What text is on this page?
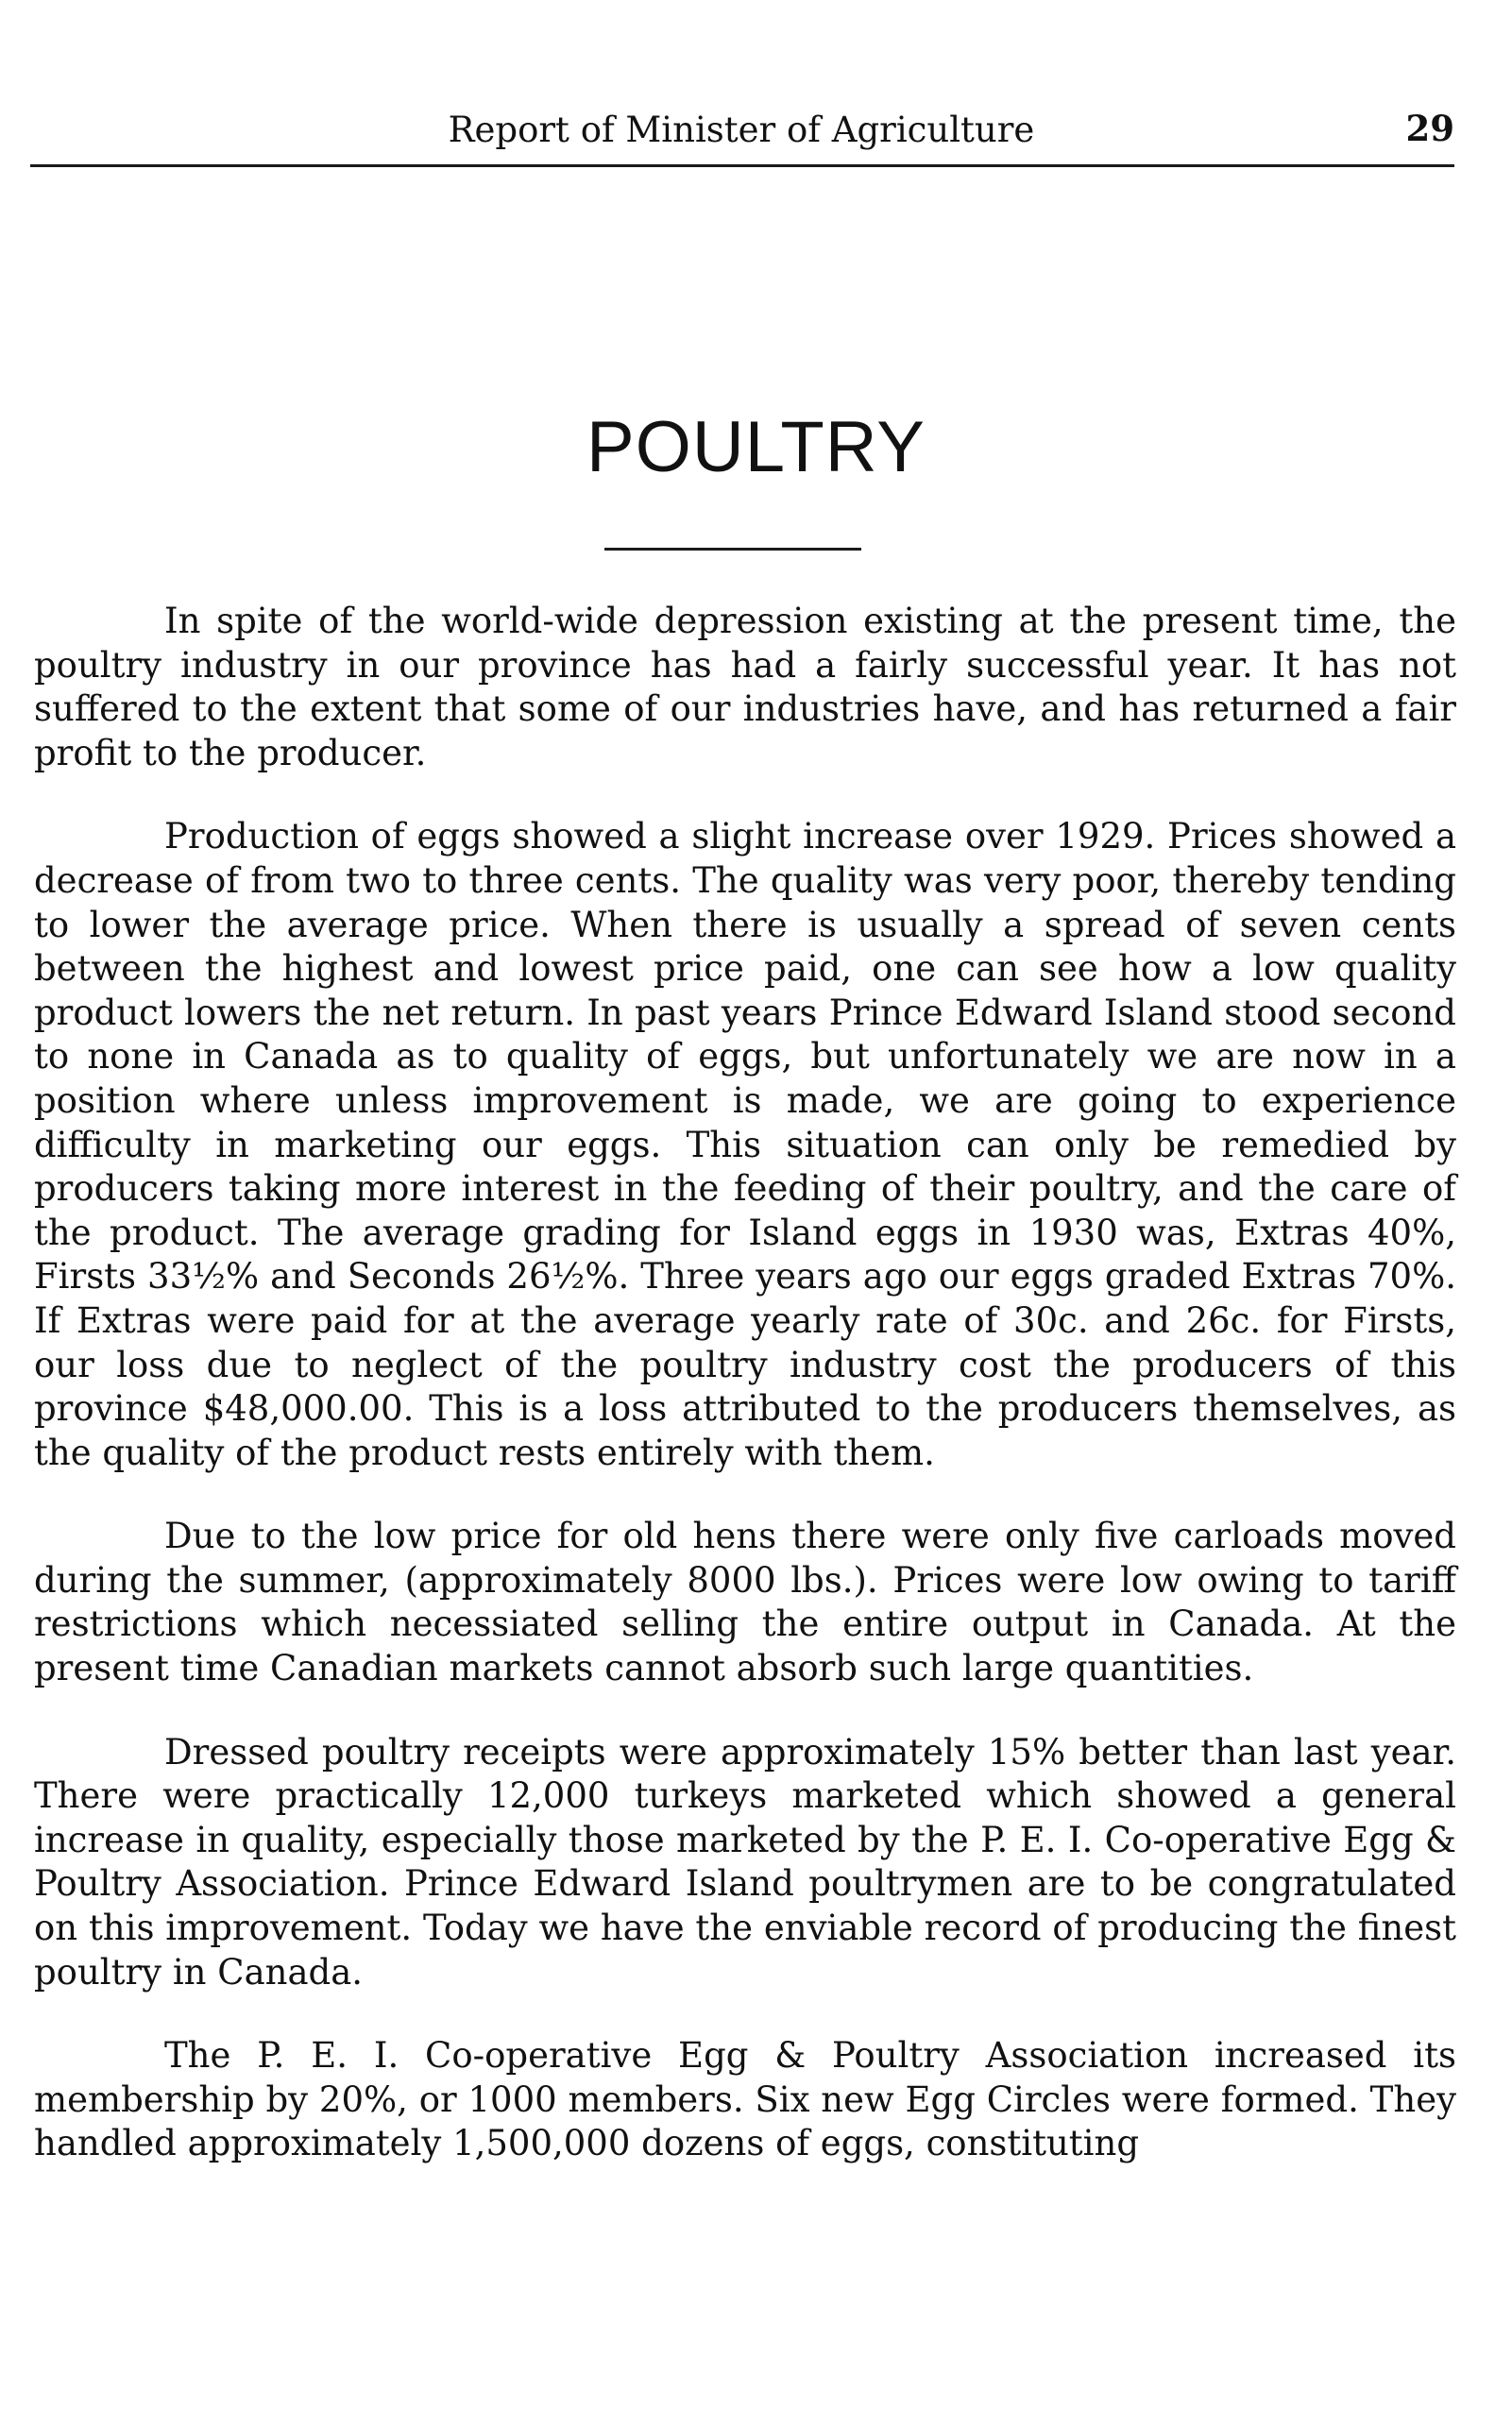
Report of Minister of Agriculture	29
POULTRY

In spite of the world-wide depression existing at the present time, the poultry industry in our province has had a fairly successful year. It has not suffered to the extent that some of our industries have, and has returned a fair profit to the producer.

Production of eggs showed a slight increase over 1929. Prices showed a decrease of from two to three cents. The quality was very poor, thereby tending to lower the average price. When there is usually a spread of seven cents between the highest and lowest price paid, one can see how a low quality product lowers the net return. In past years Prince Edward Island stood second to none in Canada as to quality of eggs, but unfortunately we are now in a position where unless improvement is made, we are going to experience difficulty in marketing our eggs. This situation can only be remedied by producers taking more interest in the feeding of their poultry, and the care of the product. The average grading for Island eggs in 1930 was, Extras 40%, Firsts 33½% and Seconds 26½%. Three years ago our eggs graded Extras 70%. If Extras were paid for at the average yearly rate of 30c. and 26c. for Firsts, our loss due to neglect of the poultry industry cost the producers of this province $48,000.00. This is a loss attributed to the producers themselves, as the quality of the product rests entirely with them.

Due to the low price for old hens there were only five carloads moved during the summer, (approximately 8000 lbs.). Prices were low owing to tariff restrictions which necessiated selling the entire output in Canada. At the present time Canadian markets cannot absorb such large quantities.

Dressed poultry receipts were approximately 15% better than last year. There were practically 12,000 turkeys marketed which showed a general increase in quality, especially those marketed by the P. E. I. Co-operative Egg & Poultry Association. Prince Edward Island poultrymen are to be congratulated on this improvement. Today we have the enviable record of producing the finest poultry in Canada.

The P. E. I. Co-operative Egg & Poultry Association increased its membership by 20%, or 1000 members. Six new Egg Circles were formed. They handled approximately 1,500,000 dozens of eggs, constituting
